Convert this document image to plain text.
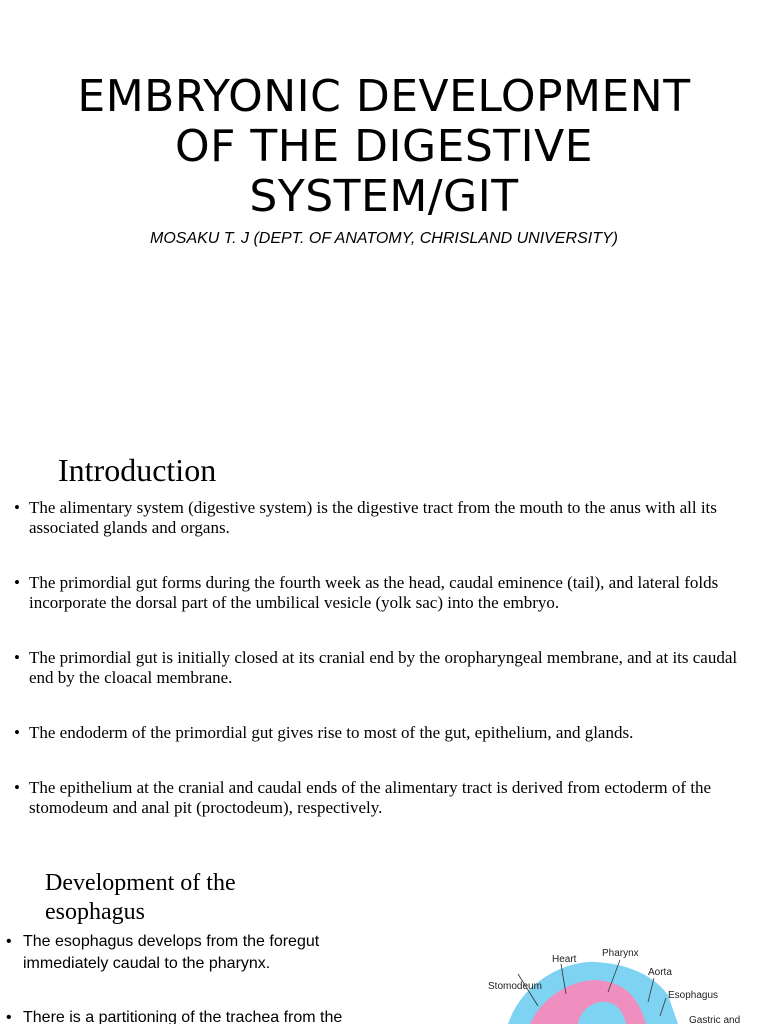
EMBRYONIC DEVELOPMENT OF THE DIGESTIVE SYSTEM/GIT
MOSAKU T. J (DEPT. OF ANATOMY, CHRISLAND UNIVERSITY)
Introduction
• The alimentary system (digestive system) is the digestive tract from the mouth to the anus with all its associated glands and organs.
• The primordial gut forms during the fourth week as the head, caudal eminence (tail), and lateral folds incorporate the dorsal part of the umbilical vesicle (yolk sac) into the embryo.
• The primordial gut is initially closed at its cranial end by the oropharyngeal membrane, and at its caudal end by the cloacal membrane.
• The endoderm of the primordial gut gives rise to most of the gut, epithelium, and glands.
• The epithelium at the cranial and caudal ends of the alimentary tract is derived from ectoderm of the stomodeum and anal pit (proctodeum), respectively.
Development of the esophagus
• The esophagus develops from the foregut immediately caudal to the pharynx.
• There is a partitioning of the trachea from the
Heart
Pharynx
Aorta
Stomodeum
Esophagus
Gastric and
